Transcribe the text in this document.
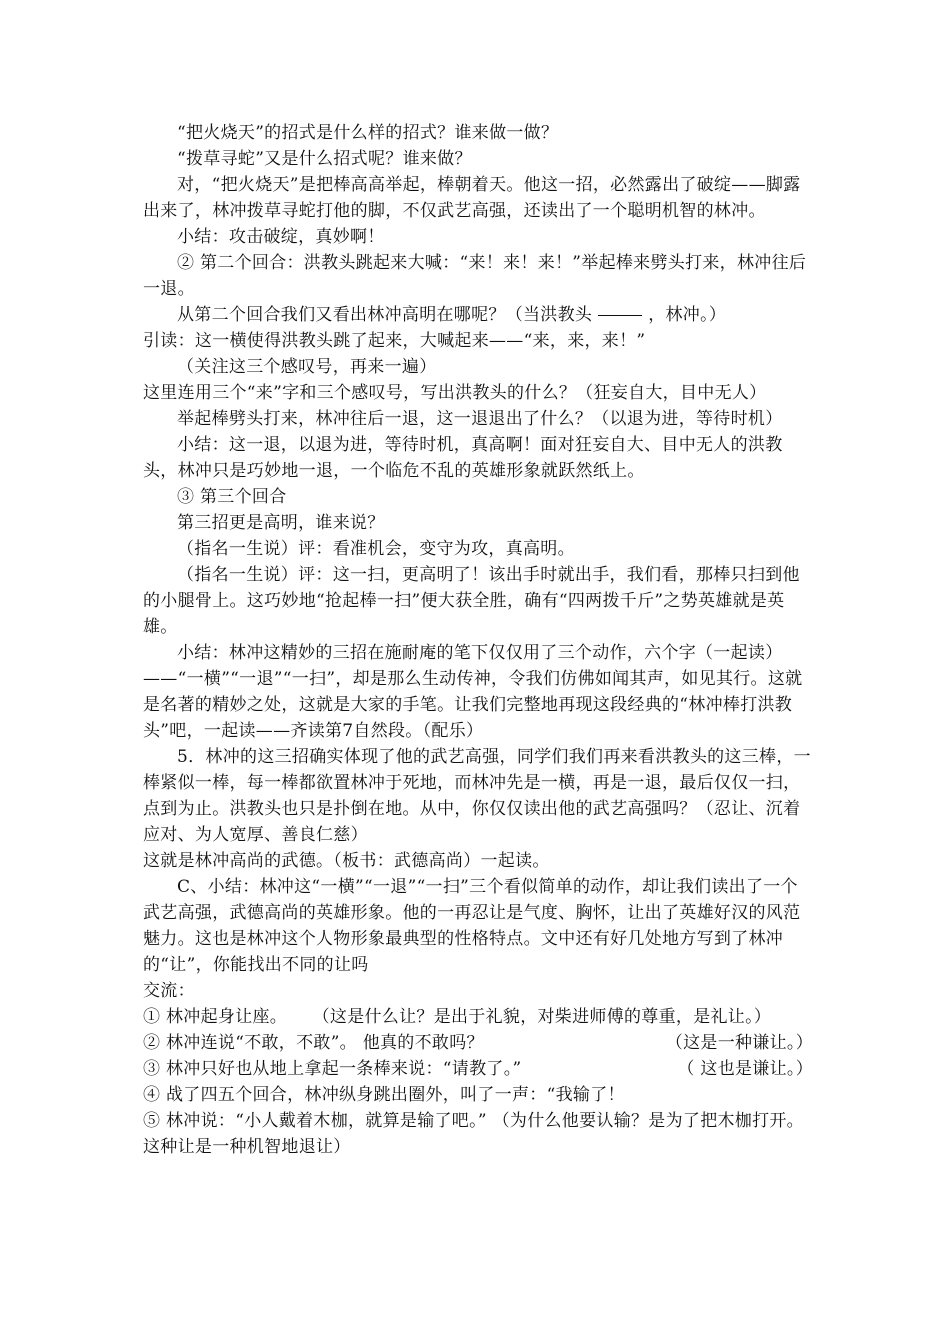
“把火烧天”的招式是什么样的招式？谁来做一做？

“拨草寻蛇”又是什么招式呢？谁来做？

对，“把火烧天”是把棒高高举起，棒朝着天。他这一招，必然露出了破绽——脚露出来了，林冲拨草寻蛇打他的脚，不仅武艺高强，还读出了一个聪明机智的林冲。

小结：攻击破绽，真妙啊！

② 第二个回合：洪教头跳起来大喊：“来！来！来！”举起棒来劈头打来，林冲往后一退。

从第二个回合我们又看出林冲高明在哪呢？（当洪教头	，林冲。）

引读：这一横使得洪教头跳了起来，大喊起来——“来，来，来！”

（关注这三个感叹号，再来一遍）

这里连用三个“来”字和三个感叹号，写出洪教头的什么？（狂妄自大，目中无人）

举起棒劈头打来，林冲往后一退，这一退退出了什么？（以退为进，等待时机）

小结：这一退，以退为进，等待时机，真高啊！面对狂妄自大、目中无人的洪教头，林冲只是巧妙地一退，一个临危不乱的英雄形象就跃然纸上。

③ 第三个回合

第三招更是高明，谁来说？

（指名一生说）评：看准机会，变守为攻，真高明。

（指名一生说）评：这一扫，更高明了！该出手时就出手，我们看，那棒只扫到他的小腿骨上。这巧妙地“抢起棒一扫”便大获全胜，确有“四两拨千斤”之势英雄就是英雄。

小结：林冲这精妙的三招在施耐庵的笔下仅仅用了三个动作，六个字（一起读）——“一横”“一退”“一扫”，却是那么生动传神，令我们仿佛如闻其声，如见其行。这就是名著的精妙之处，这就是大家的手笔。让我们完整地再现这段经典的“林冲棒打洪教头”吧，一起读——齐读第7自然段。（配乐）

5．林冲的这三招确实体现了他的武艺高强，同学们我们再来看洪教头的这三棒，一棒紧似一棒，每一棒都欲置林冲于死地，而林冲先是一横，再是一退，最后仅仅一扫，点到为止。洪教头也只是扑倒在地。从中，你仅仅读出他的武艺高强吗？（忍让、沉着应对、为人宽厚、善良仁慈）

这就是林冲高尚的武德。（板书：武德高尚）一起读。

C、小结：林冲这“一横”“一退”“一扫”三个看似简单的动作，却让我们读出了一个武艺高强，武德高尚的英雄形象。他的一再忍让是气度、胸怀，让出了英雄好汉的风范魅力。这也是林冲这个人物形象最典型的性格特点。文中还有好几处地方写到了林冲的“让”，你能找出不同的让吗

交流：

① 林冲起身让座。 （这是什么让？是出于礼貌，对柴进师傅的尊重，是礼让。）

② 林冲连说“不敢，不敢”。 他真的不敢吗？	（这是一种谦让。）

③ 林冲只好也从地上拿起一条棒来说：“请教了。”	（ 这也是谦让。）

④ 战了四五个回合，林冲纵身跳出圈外，叫了一声：“我输了！

⑤ 林冲说：“小人戴着木枷，就算是输了吧。” （为什么他要认输？是为了把木枷打开。这种让是一种机智地退让）
